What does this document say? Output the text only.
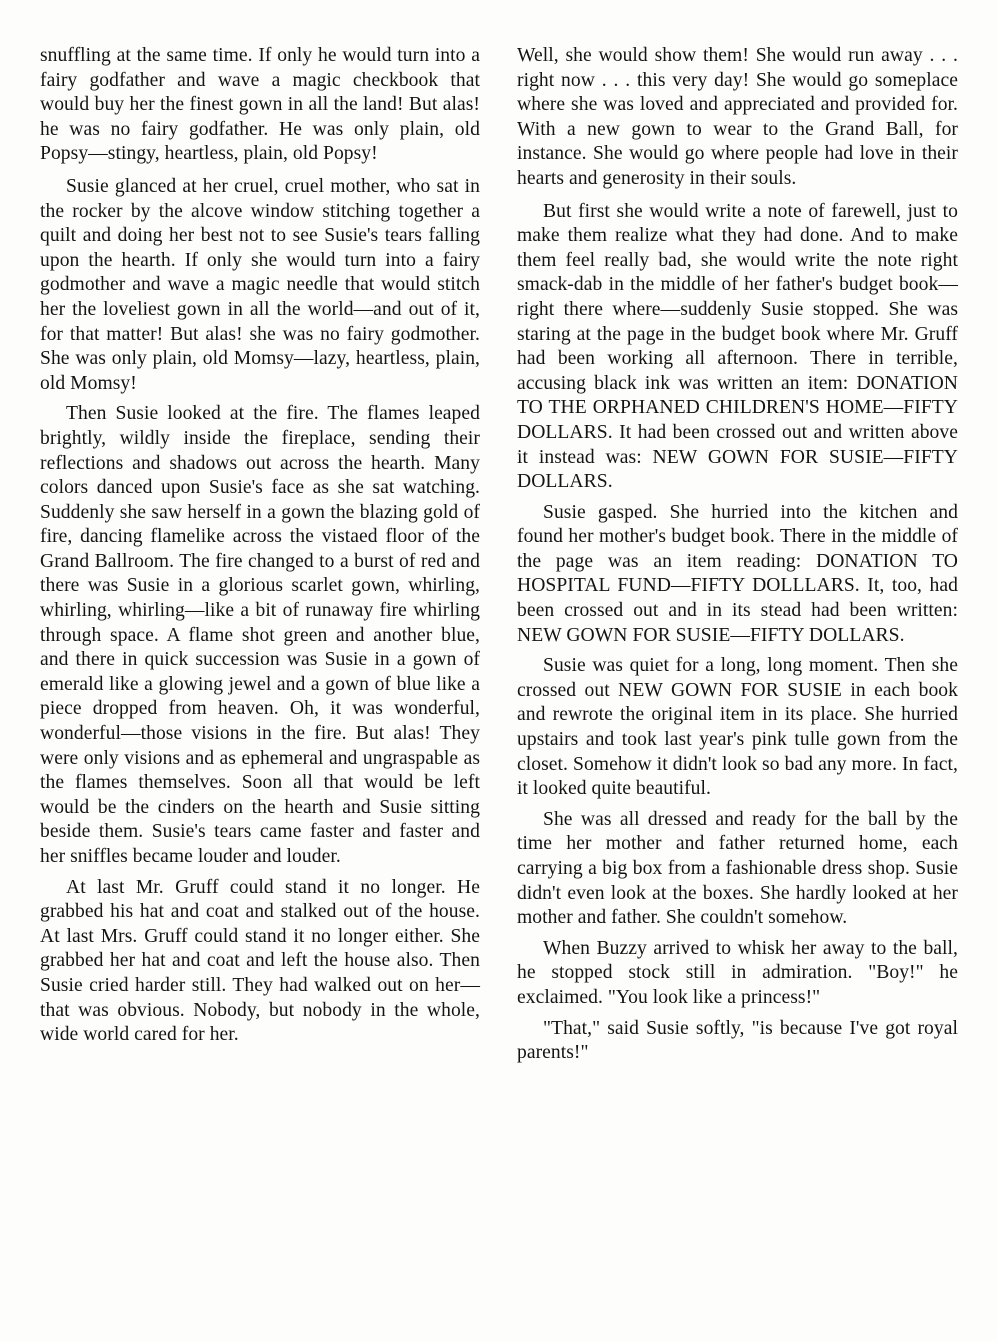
snuffling at the same time. If only he would turn into a fairy godfather and wave a magic checkbook that would buy her the finest gown in all the land! But alas! he was no fairy godfather. He was only plain, old Popsy—stingy, heartless, plain, old Popsy!

Susie glanced at her cruel, cruel mother, who sat in the rocker by the alcove window stitching together a quilt and doing her best not to see Susie's tears falling upon the hearth. If only she would turn into a fairy godmother and wave a magic needle that would stitch her the loveliest gown in all the world—and out of it, for that matter! But alas! she was no fairy godmother. She was only plain, old Momsy—lazy, heartless, plain, old Momsy!

Then Susie looked at the fire. The flames leaped brightly, wildly inside the fireplace, sending their reflections and shadows out across the hearth. Many colors danced upon Susie's face as she sat watching. Suddenly she saw herself in a gown the blazing gold of fire, dancing flamelike across the vistaed floor of the Grand Ballroom. The fire changed to a burst of red and there was Susie in a glorious scarlet gown, whirling, whirling, whirling—like a bit of runaway fire whirling through space. A flame shot green and another blue, and there in quick succession was Susie in a gown of emerald like a glowing jewel and a gown of blue like a piece dropped from heaven. Oh, it was wonderful, wonderful—those visions in the fire. But alas! They were only visions and as ephemeral and ungraspable as the flames themselves. Soon all that would be left would be the cinders on the hearth and Susie sitting beside them. Susie's tears came faster and faster and her sniffles became louder and louder.

At last Mr. Gruff could stand it no longer. He grabbed his hat and coat and stalked out of the house. At last Mrs. Gruff could stand it no longer either. She grabbed her hat and coat and left the house also. Then Susie cried harder still. They had walked out on her—that was obvious. Nobody, but nobody in the whole, wide world cared for her.

Well, she would show them! She would run away . . . right now . . . this very day! She would go someplace where she was loved and appreciated and provided for. With a new gown to wear to the Grand Ball, for instance. She would go where people had love in their hearts and generosity in their souls.

But first she would write a note of farewell, just to make them realize what they had done. And to make them feel really bad, she would write the note right smack-dab in the middle of her father's budget book—right there where—suddenly Susie stopped. She was staring at the page in the budget book where Mr. Gruff had been working all afternoon. There in terrible, accusing black ink was written an item: DONATION TO THE ORPHANED CHILDREN'S HOME—FIFTY DOLLARS. It had been crossed out and written above it instead was: NEW GOWN FOR SUSIE—FIFTY DOLLARS.

Susie gasped. She hurried into the kitchen and found her mother's budget book. There in the middle of the page was an item reading: DONATION TO HOSPITAL FUND—FIFTY DOLLLARS. It, too, had been crossed out and in its stead had been written: NEW GOWN FOR SUSIE—FIFTY DOLLARS.

Susie was quiet for a long, long moment. Then she crossed out NEW GOWN FOR SUSIE in each book and rewrote the original item in its place. She hurried upstairs and took last year's pink tulle gown from the closet. Somehow it didn't look so bad any more. In fact, it looked quite beautiful.

She was all dressed and ready for the ball by the time her mother and father returned home, each carrying a big box from a fashionable dress shop. Susie didn't even look at the boxes. She hardly looked at her mother and father. She couldn't somehow.

When Buzzy arrived to whisk her away to the ball, he stopped stock still in admiration. "Boy!" he exclaimed. "You look like a princess!"

"That," said Susie softly, "is because I've got royal parents!"
